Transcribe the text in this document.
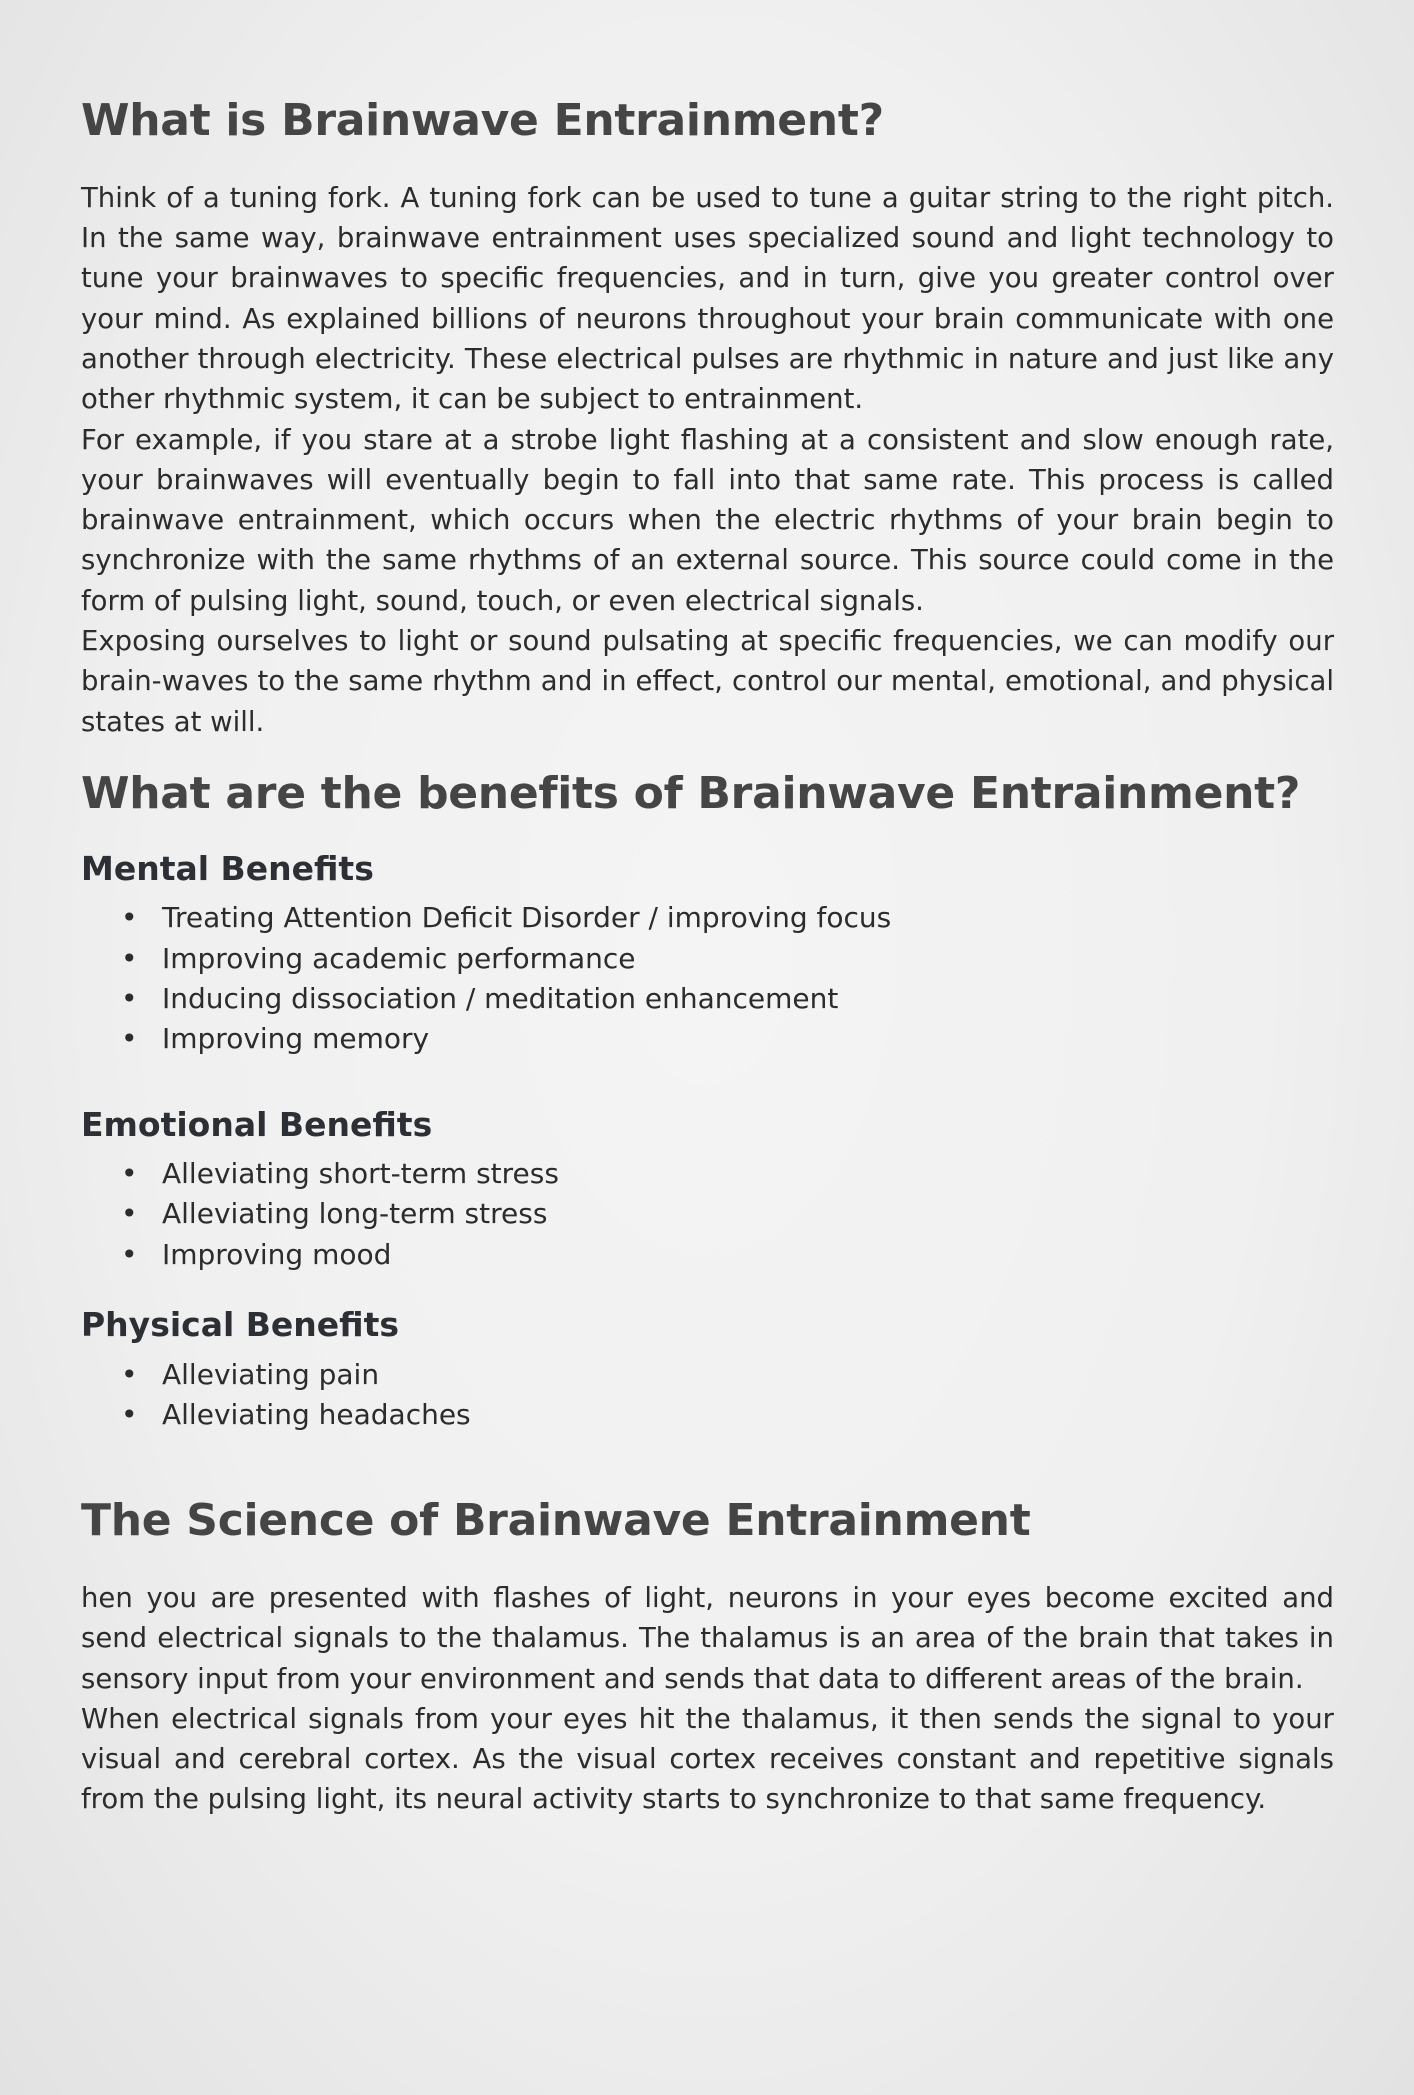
What is Brainwave Entrainment?

Think of a tuning fork. A tuning fork can be used to tune a guitar string to the right pitch. In the same way, brainwave entrainment uses specialized sound and light technology to tune your brainwaves to specific frequencies, and in turn, give you greater control over your mind. As explained billions of neurons throughout your brain communicate with one another through electricity. These electrical pulses are rhythmic in nature and just like any other rhythmic system, it can be subject to entrainment.

For example, if you stare at a strobe light flashing at a consistent and slow enough rate, your brainwaves will eventually begin to fall into that same rate. This process is called brainwave entrainment, which occurs when the electric rhythms of your brain begin to synchronize with the same rhythms of an external source. This source could come in the form of pulsing light, sound, touch, or even electrical signals.

Exposing ourselves to light or sound pulsating at specific frequencies, we can modify our brain-waves to the same rhythm and in effect, control our mental, emotional, and physical states at will.

What are the benefits of Brainwave Entrainment?
Mental Benefits
• Treating Attention Deficit Disorder / improving focus
• Improving academic performance
• Inducing dissociation / meditation enhancement
• Improving memory
Emotional Benefits
• Alleviating short-term stress
• Alleviating long-term stress
• Improving mood
Physical Benefits
• Alleviating pain
• Alleviating headaches
The Science of Brainwave Entrainment

hen you are presented with flashes of light, neurons in your eyes become excited and send electrical signals to the thalamus. The thalamus is an area of the brain that takes in sensory input from your environment and sends that data to different areas of the brain.

When electrical signals from your eyes hit the thalamus, it then sends the signal to your visual and cerebral cortex. As the visual cortex receives constant and repetitive signals from the pulsing light, its neural activity starts to synchronize to that same frequency.
